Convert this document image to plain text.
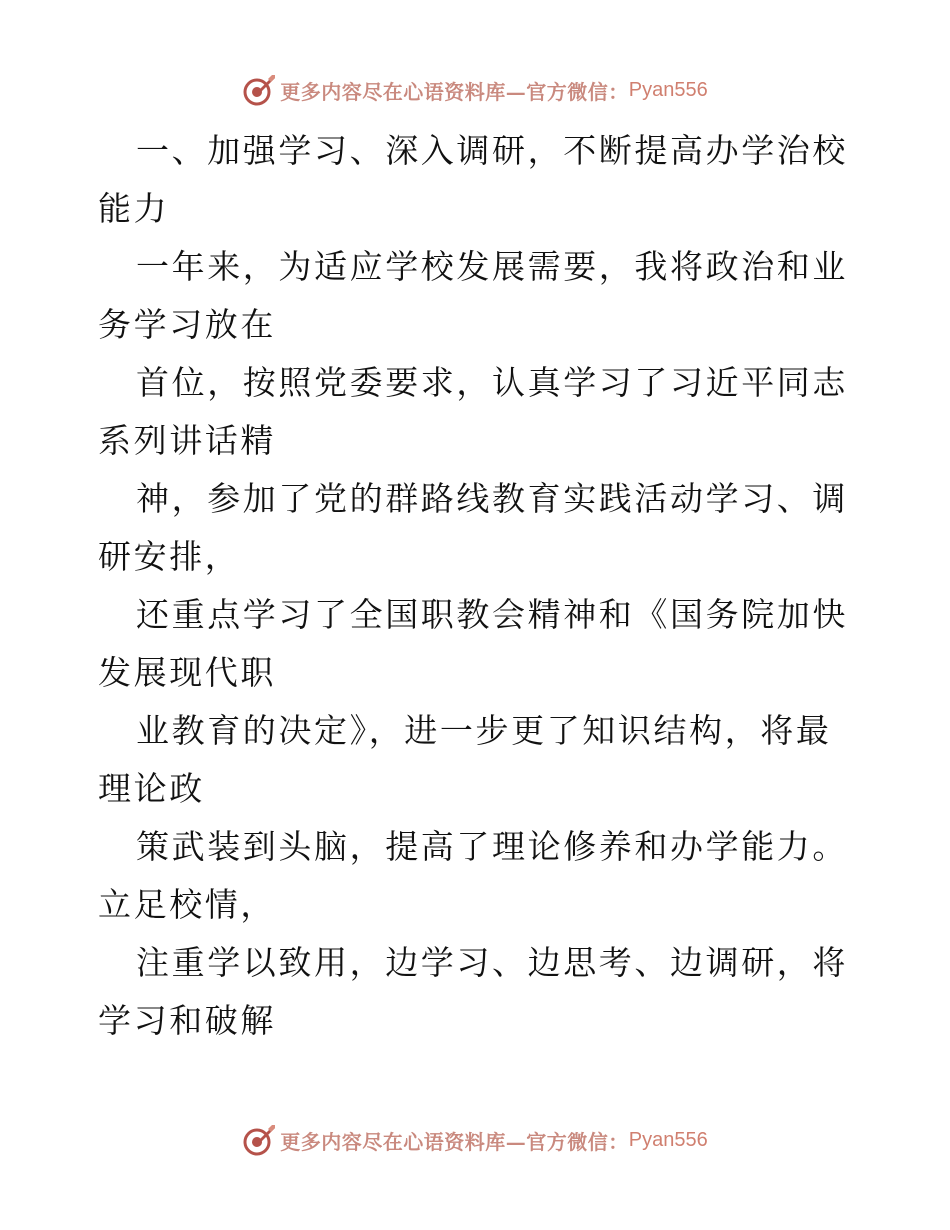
更多内容尽在心语资料库—官方微信： Pyan556

一、加强学习、深入调研，不断提高办学治校能力

一年来，为适应学校发展需要，我将政治和业务学习放在

首位，按照党委要求，认真学习了习近平同志系列讲话精

神，参加了党的群路线教育实践活动学习、调研安排，

还重点学习了全国职教会精神和《国务院加快发展现代职

业教育的决定》，进一步更了知识结构，将最理论政

策武装到头脑，提高了理论修养和办学能力。立足校情，

注重学以致用，边学习、边思考、边调研，将学习和破解

更多内容尽在心语资料库—官方微信： Pyan556
